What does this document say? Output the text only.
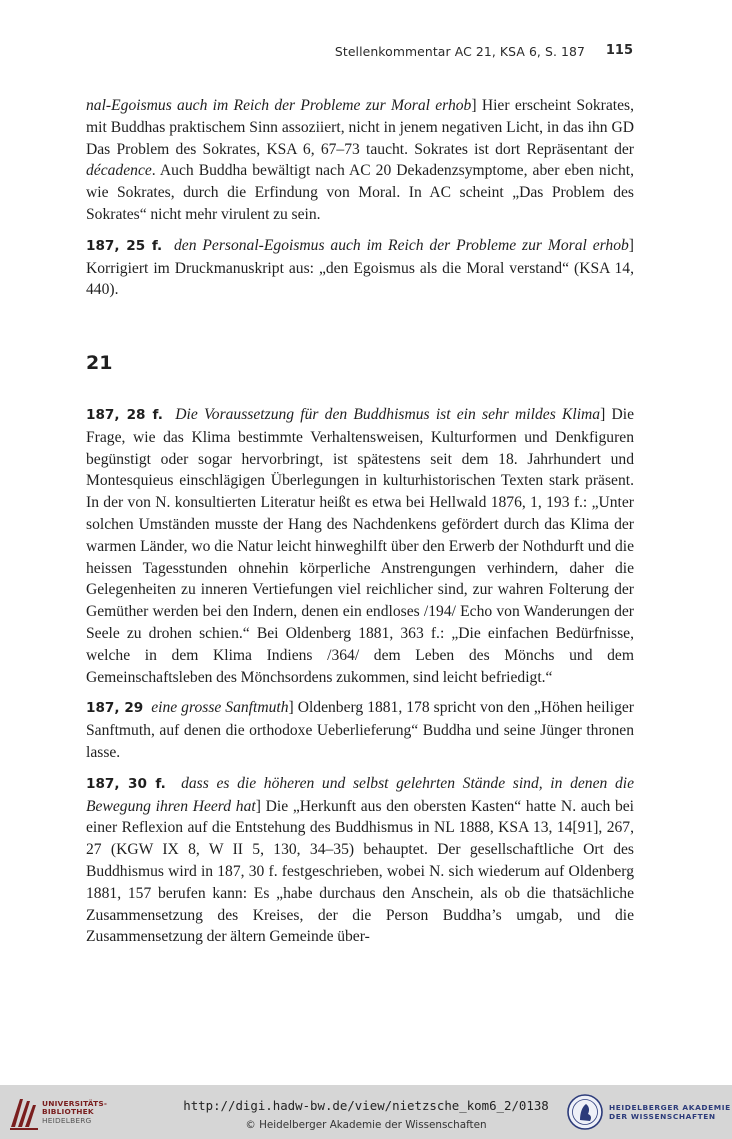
Stellenkommentar AC 21, KSA 6, S. 187 115

nal-Egoismus auch im Reich der Probleme zur Moral erhob] Hier erscheint Sokrates, mit Buddhas praktischem Sinn assoziiert, nicht in jenem negativen Licht, in das ihn GD Das Problem des Sokrates, KSA 6, 67–73 taucht. Sokrates ist dort Repräsentant der décadence. Auch Buddha bewältigt nach AC 20 Dekadenzsymptome, aber eben nicht, wie Sokrates, durch die Erfindung von Moral. In AC scheint „Das Problem des Sokrates“ nicht mehr virulent zu sein.

187, 25 f. den Personal-Egoismus auch im Reich der Probleme zur Moral erhob] Korrigiert im Druckmanuskript aus: „den Egoismus als die Moral verstand“ (KSA 14, 440).

21

187, 28 f. Die Voraussetzung für den Buddhismus ist ein sehr mildes Klima] Die Frage, wie das Klima bestimmte Verhaltensweisen, Kulturformen und Denkfiguren begünstigt oder sogar hervorbringt, ist spätestens seit dem 18. Jahrhundert und Montesquieus einschlägigen Überlegungen in kulturhistorischen Texten stark präsent. In der von N. konsultierten Literatur heißt es etwa bei Hellwald 1876, 1, 193 f.: „Unter solchen Umständen musste der Hang des Nachdenkens gefördert durch das Klima der warmen Länder, wo die Natur leicht hinweghilft über den Erwerb der Nothdurft und die heissen Tagesstunden ohnehin körperliche Anstrengungen verhindern, daher die Gelegenheiten zu inneren Vertiefungen viel reichlicher sind, zur wahren Folterung der Gemüther werden bei den Indern, denen ein endloses /194/ Echo von Wanderungen der Seele zu drohen schien.“ Bei Oldenberg 1881, 363 f.: „Die einfachen Bedürfnisse, welche in dem Klima Indiens /364/ dem Leben des Mönchs und dem Gemeinschaftsleben des Mönchsordens zukommen, sind leicht befriedigt.“

187, 29 eine grosse Sanftmuth] Oldenberg 1881, 178 spricht von den „Höhen heiliger Sanftmuth, auf denen die orthodoxe Ueberlieferung“ Buddha und seine Jünger thronen lasse.

187, 30 f. dass es die höheren und selbst gelehrten Stände sind, in denen die Bewegung ihren Heerd hat] Die „Herkunft aus den obersten Kasten“ hatte N. auch bei einer Reflexion auf die Entstehung des Buddhismus in NL 1888, KSA 13, 14[91], 267, 27 (KGW IX 8, W II 5, 130, 34–35) behauptet. Der gesellschaftliche Ort des Buddhismus wird in 187, 30 f. festgeschrieben, wobei N. sich wiederum auf Oldenberg 1881, 157 berufen kann: Es „habe durchaus den Anschein, als ob die thatsächliche Zusammensetzung des Kreises, der die Person Buddha’s umgab, und die Zusammensetzung der ältern Gemeinde über-

UNIVERSITÄTS-
BIBLIOTHEK
HEIDELBERG
http://digi.hadw-bw.de/view/nietzsche_kom6_2/0138
© Heidelberger Akademie der Wissenschaften
HEIDELBERGER AKADEMIE
DER WISSENSCHAFTEN
